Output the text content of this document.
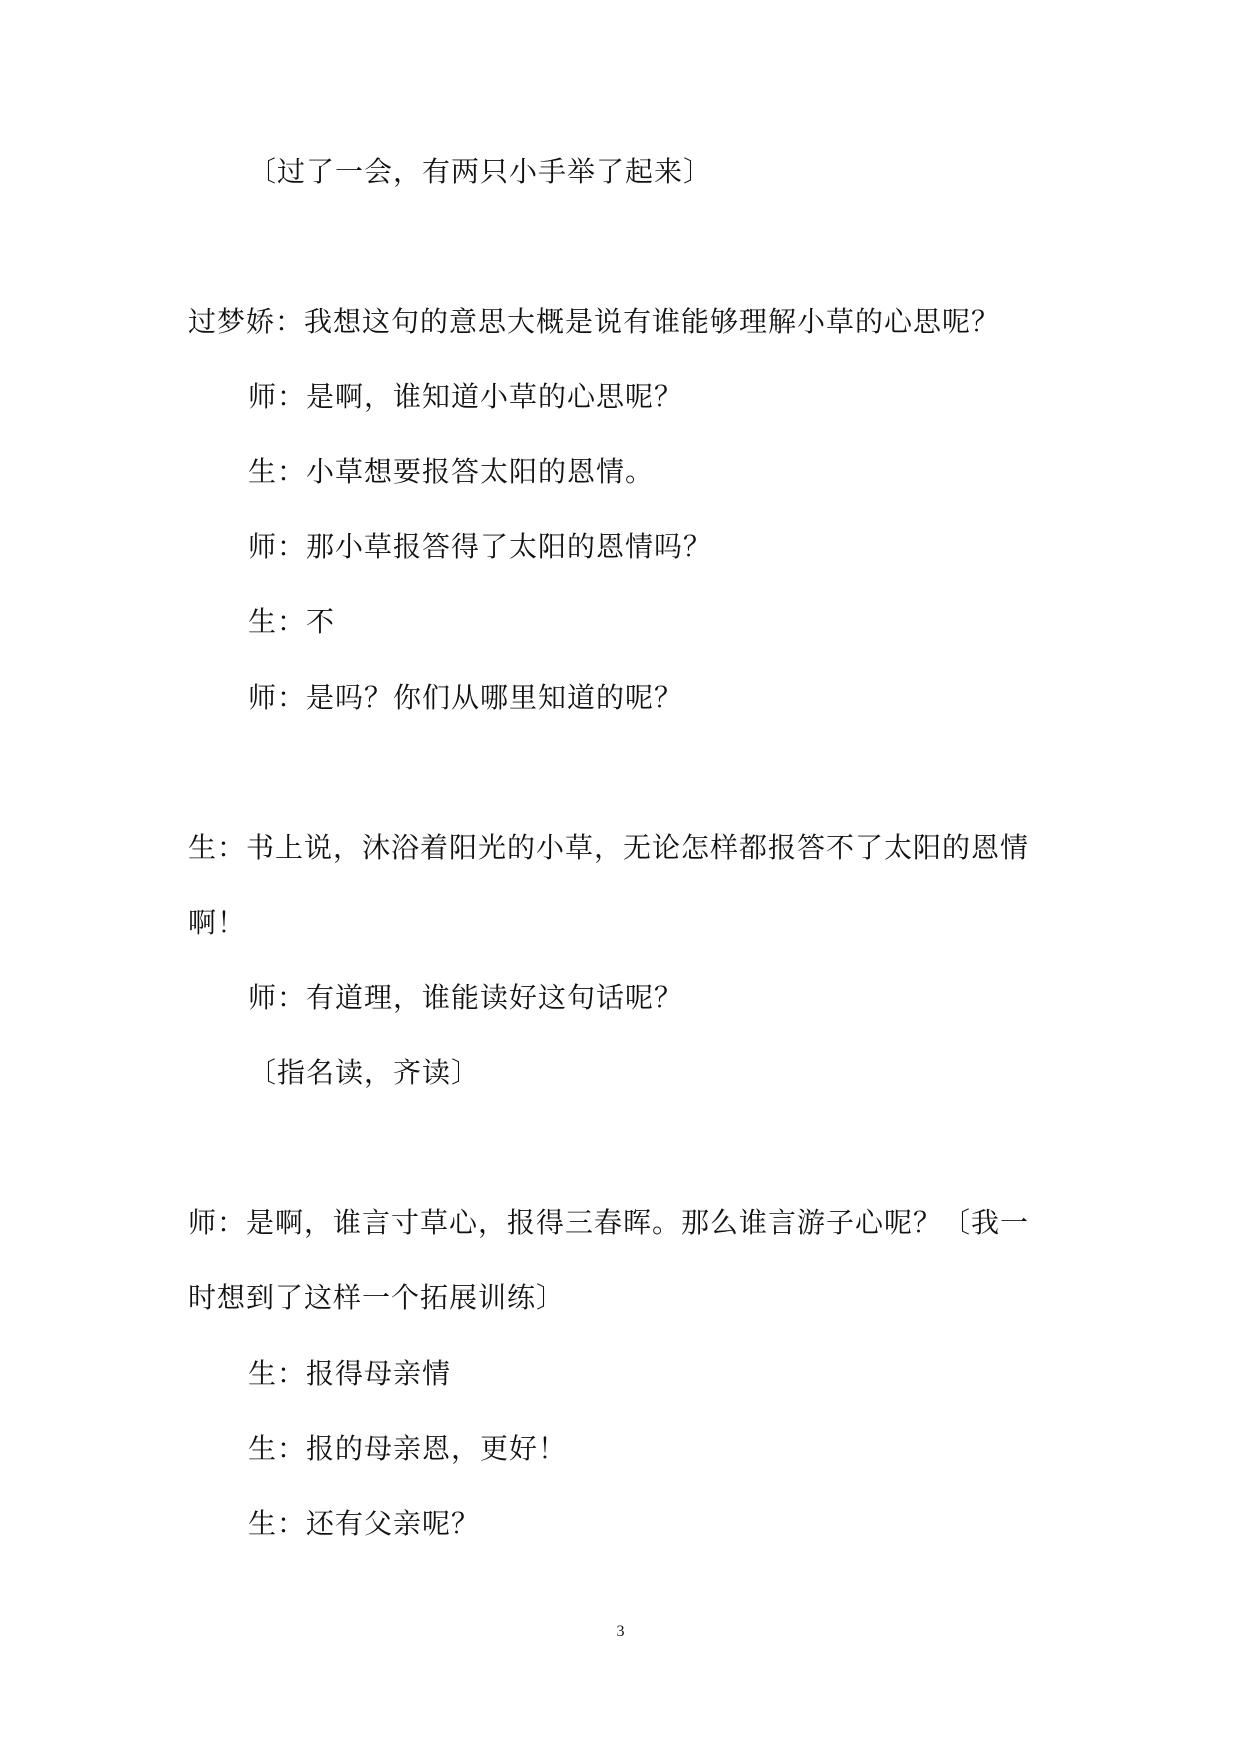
〔过了一会，有两只小手举了起来〕

过梦娇：我想这句的意思大概是说有谁能够理解小草的心思呢？

师：是啊，谁知道小草的心思呢？

生：小草想要报答太阳的恩情。

师：那小草报答得了太阳的恩情吗？

生：不

师：是吗？你们从哪里知道的呢？

生：书上说，沐浴着阳光的小草，无论怎样都报答不了太阳的恩情

啊！

师：有道理，谁能读好这句话呢？

〔指名读，齐读〕

师：是啊，谁言寸草心，报得三春晖。那么谁言游子心呢？〔我一

时想到了这样一个拓展训练〕

生：报得母亲情

生：报的母亲恩，更好！

生：还有父亲呢？

3
